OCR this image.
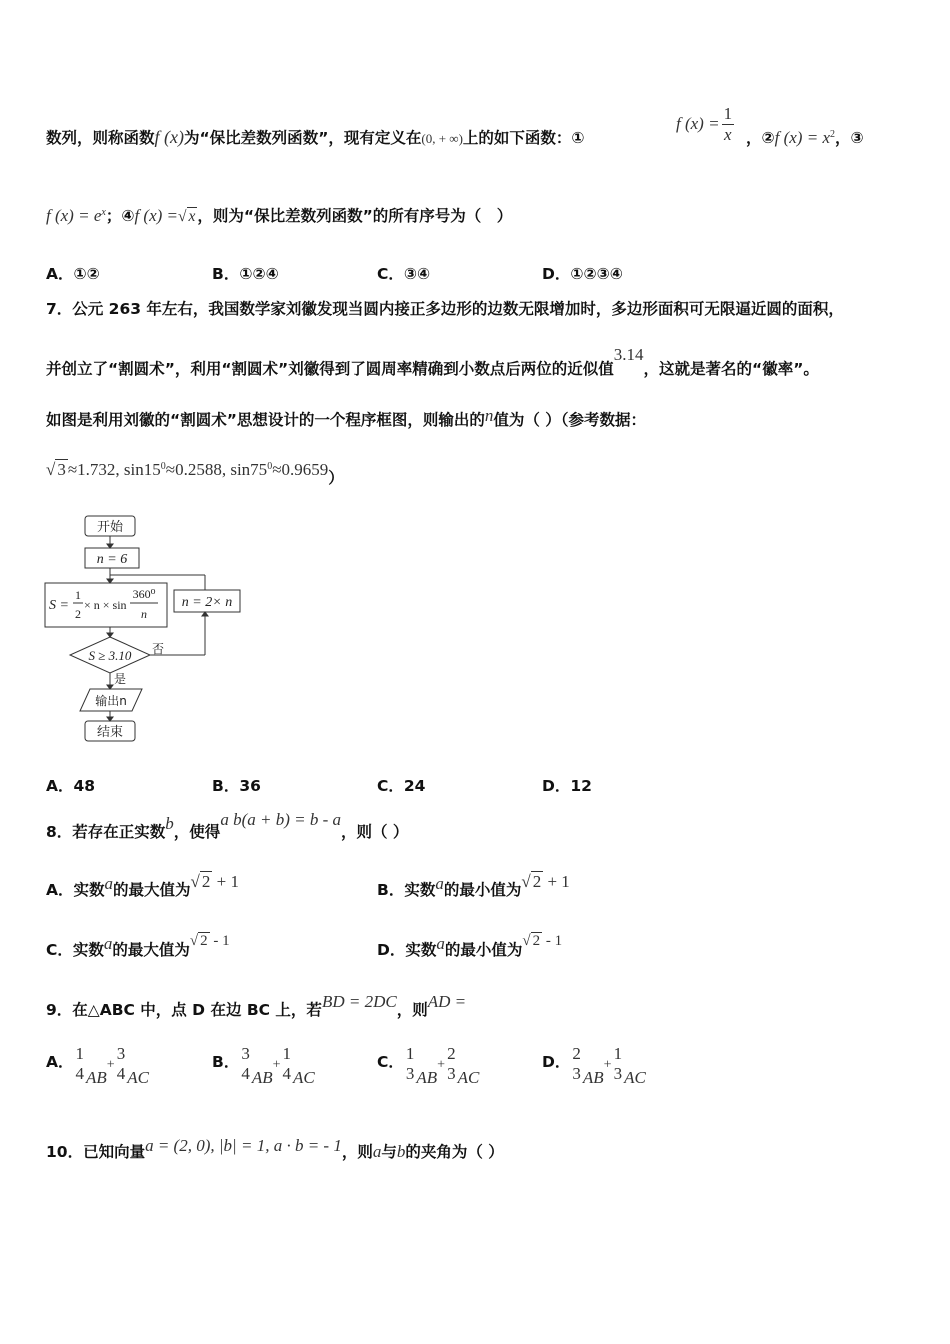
数列，则称函数f (x)为“保比差数列函数”，现有定义在(0, + ∞)上的如下函数：①
f $(x) = \frac{1}{x}$ ，②f $(x) = x^2$，③
f $(x) = e^x$；④f (x) =√ x ，则为“保比差数列函数”的所有序号为（　）
A．①②	B．①②④	C．③④	D．①②③④
7．公元 263 年左右，我国数学家刘徽发现当圆内接正多边形的边数无限增加时，多边形面积可无限逼近圆的面积，
并创立了“割圆术”，利用“割圆术”刘徽得到了圆周率精确到小数点后两位的近似值3.14，这就是著名的“徽率”。
如图是利用刘徽的“割圆术”思想设计的一个程序框图，则输出的n值为（ ）（参考数据：
√ 3 ≈1.732, $\sin 15^0\approx 0.2588$, $\sin 75^0\approx 0.9659$）
开始
n = 6
S =
1
2
× n × sin
360⁰
n
n = 2× n
S ≥ 3.10 否
是
输出n
结束
A．48	B．36	C．24	D．12
8．若存在正实数b，使得a b(a + b) = b - a，则（ ）
A．实数a的最大值为√ 2 + 1	B．实数a的最小值为√ 2 + 1
C．实数a的最大值为√ 2 - 1	D．实数a的最小值为√ 2 - 1
9．在△ABC 中，点 D 在边 BC 上，若BD = 2DC，则AD =
A． 1
4 AB+
3
4 AC
B． 3
4 AB+
1
4 AC
C． 1
3 AB+
2
3 AC
D． 2
3 AB+
1
3 AC
10．已知向量a = (2, 0), |b| = 1, a · b = - 1，则a与b的夹角为（ ）
